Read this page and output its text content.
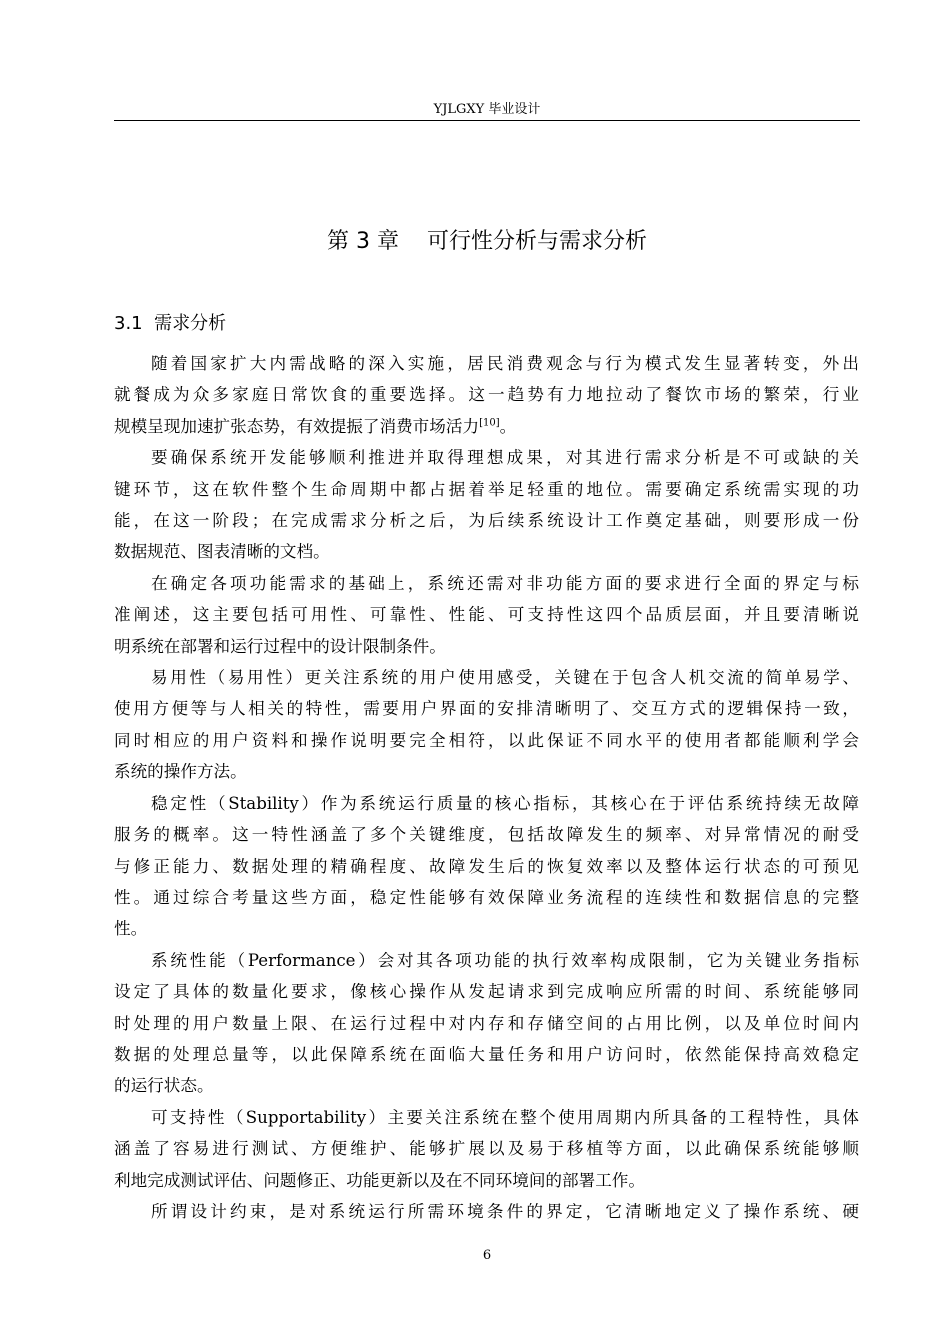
YJLGXY 毕业设计
第 3 章    可行性分析与需求分析
3.1  需求分析

随着国家扩大内需战略的深入实施，居民消费观念与行为模式发生显著转变，外出
就餐成为众多家庭日常饮食的重要选择。这一趋势有力地拉动了餐饮市场的繁荣，行业
规模呈现加速扩张态势，有效提振了消费市场活力[10]。

要确保系统开发能够顺利推进并取得理想成果，对其进行需求分析是不可或缺的关
键环节，这在软件整个生命周期中都占据着举足轻重的地位。需要确定系统需实现的功
能，在这一阶段；在完成需求分析之后，为后续系统设计工作奠定基础，则要形成一份
数据规范、图表清晰的文档。

在确定各项功能需求的基础上，系统还需对非功能方面的要求进行全面的界定与标
准阐述，这主要包括可用性、可靠性、性能、可支持性这四个品质层面，并且要清晰说
明系统在部署和运行过程中的设计限制条件。

易用性（易用性）更关注系统的用户使用感受，关键在于包含人机交流的简单易学、
使用方便等与人相关的特性，需要用户界面的安排清晰明了、交互方式的逻辑保持一致，
同时相应的用户资料和操作说明要完全相符，以此保证不同水平的使用者都能顺利学会
系统的操作方法。

稳定性（Stability）作为系统运行质量的核心指标，其核心在于评估系统持续无故障
服务的概率。这一特性涵盖了多个关键维度，包括故障发生的频率、对异常情况的耐受
与修正能力、数据处理的精确程度、故障发生后的恢复效率以及整体运行状态的可预见
性。通过综合考量这些方面，稳定性能够有效保障业务流程的连续性和数据信息的完整
性。

系统性能（Performance）会对其各项功能的执行效率构成限制，它为关键业务指标
设定了具体的数量化要求，像核心操作从发起请求到完成响应所需的时间、系统能够同
时处理的用户数量上限、在运行过程中对内存和存储空间的占用比例，以及单位时间内
数据的处理总量等，以此保障系统在面临大量任务和用户访问时，依然能保持高效稳定
的运行状态。

可支持性（Supportability）主要关注系统在整个使用周期内所具备的工程特性，具体
涵盖了容易进行测试、方便维护、能够扩展以及易于移植等方面，以此确保系统能够顺
利地完成测试评估、问题修正、功能更新以及在不同环境间的部署工作。

所谓设计约束，是对系统运行所需环境条件的界定，它清晰地定义了操作系统、硬

6
